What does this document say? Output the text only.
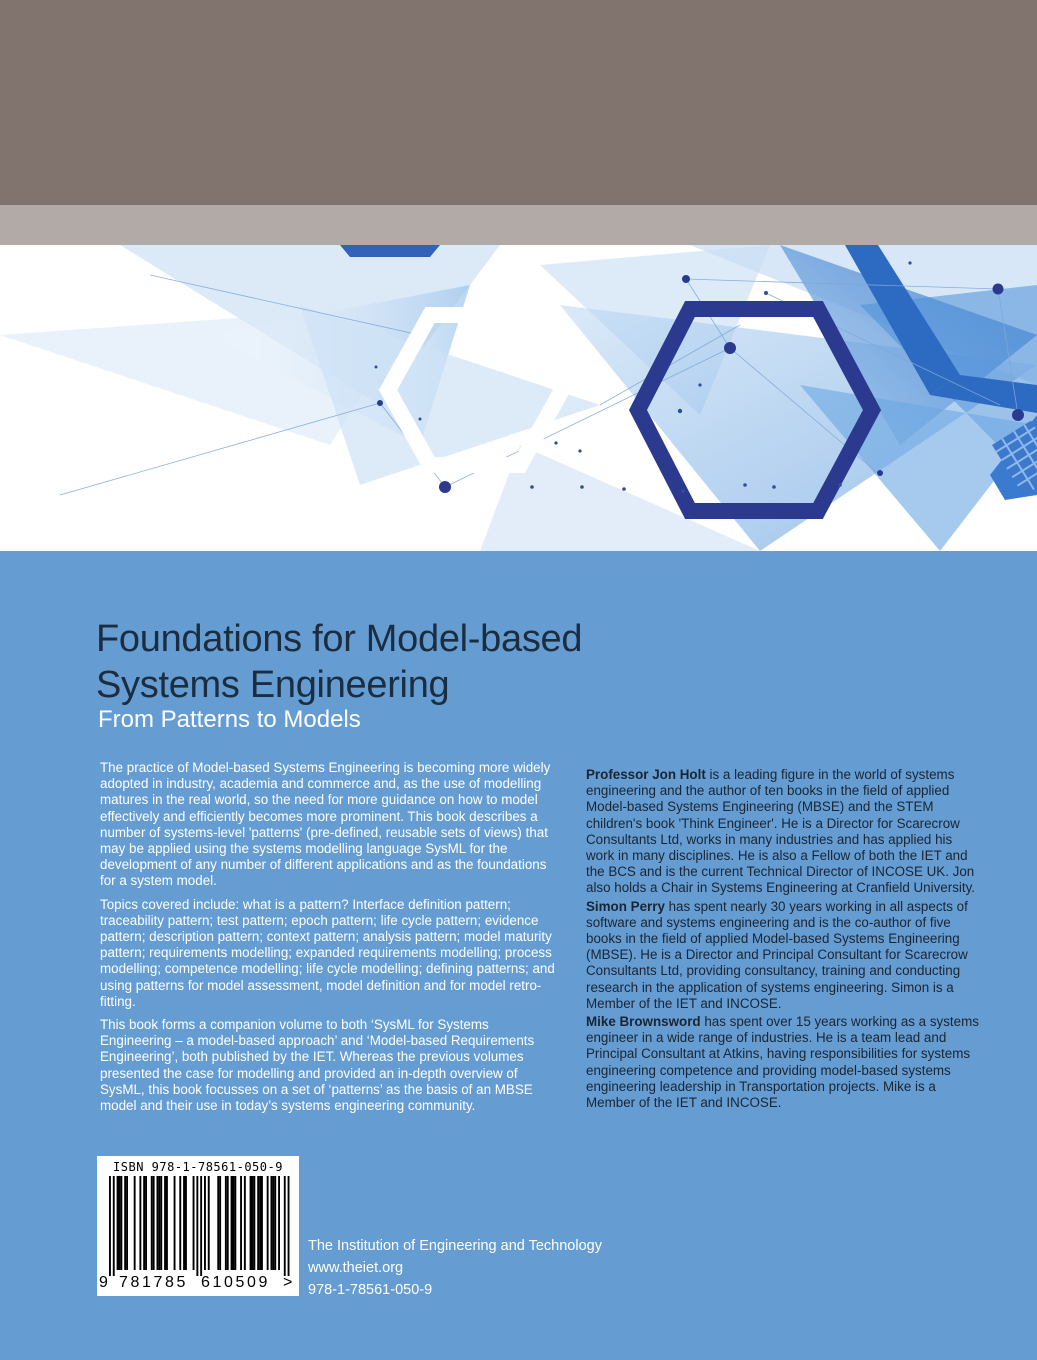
Foundations for Model-based
Systems Engineering
From Patterns to Models

The practice of Model-based Systems Engineering is becoming more widely adopted in industry, academia and commerce and, as the use of modelling matures in the real world, so the need for more guidance on how to model effectively and efficiently becomes more prominent. This book describes a number of systems-level 'patterns' (pre-defined, reusable sets of views) that may be applied using the systems modelling language SysML for the development of any number of different applications and as the foundations for a system model.

Topics covered include: what is a pattern? Interface definition pattern; traceability pattern; test pattern; epoch pattern; life cycle pattern; evidence pattern; description pattern; context pattern; analysis pattern; model maturity pattern; requirements modelling; expanded requirements modelling; process modelling; competence modelling; life cycle modelling; defining patterns; and using patterns for model assessment, model definition and for model retro-fitting.

This book forms a companion volume to both ‘SysML for Systems Engineering – a model-based approach’ and ‘Model-based Requirements Engineering’, both published by the IET. Whereas the previous volumes presented the case for modelling and provided an in-depth overview of SysML, this book focusses on a set of ‘patterns’ as the basis of an MBSE model and their use in today’s systems engineering community.

Professor Jon Holt is a leading figure in the world of systems engineering and the author of ten books in the field of applied Model-based Systems Engineering (MBSE) and the STEM children's book 'Think Engineer'. He is a Director for Scarecrow Consultants Ltd, works in many industries and has applied his work in many disciplines. He is also a Fellow of both the IET and the BCS and is the current Technical Director of INCOSE UK. Jon also holds a Chair in Systems Engineering at Cranfield University.

Simon Perry has spent nearly 30 years working in all aspects of software and systems engineering and is the co-author of five books in the field of applied Model-based Systems Engineering (MBSE). He is a Director and Principal Consultant for Scarecrow Consultants Ltd, providing consultancy, training and conducting research in the application of systems engineering. Simon is a Member of the IET and INCOSE.

Mike Brownsword has spent over 15 years working as a systems engineer in a wide range of industries. He is a team lead and Principal Consultant at Atkins, having responsibilities for systems engineering competence and providing model-based systems engineering leadership in Transportation projects. Mike is a Member of the IET and INCOSE.

ISBN 978-1-78561-050-9
9 781785 610509 >
The Institution of Engineering and Technology
www.theiet.org
978-1-78561-050-9
